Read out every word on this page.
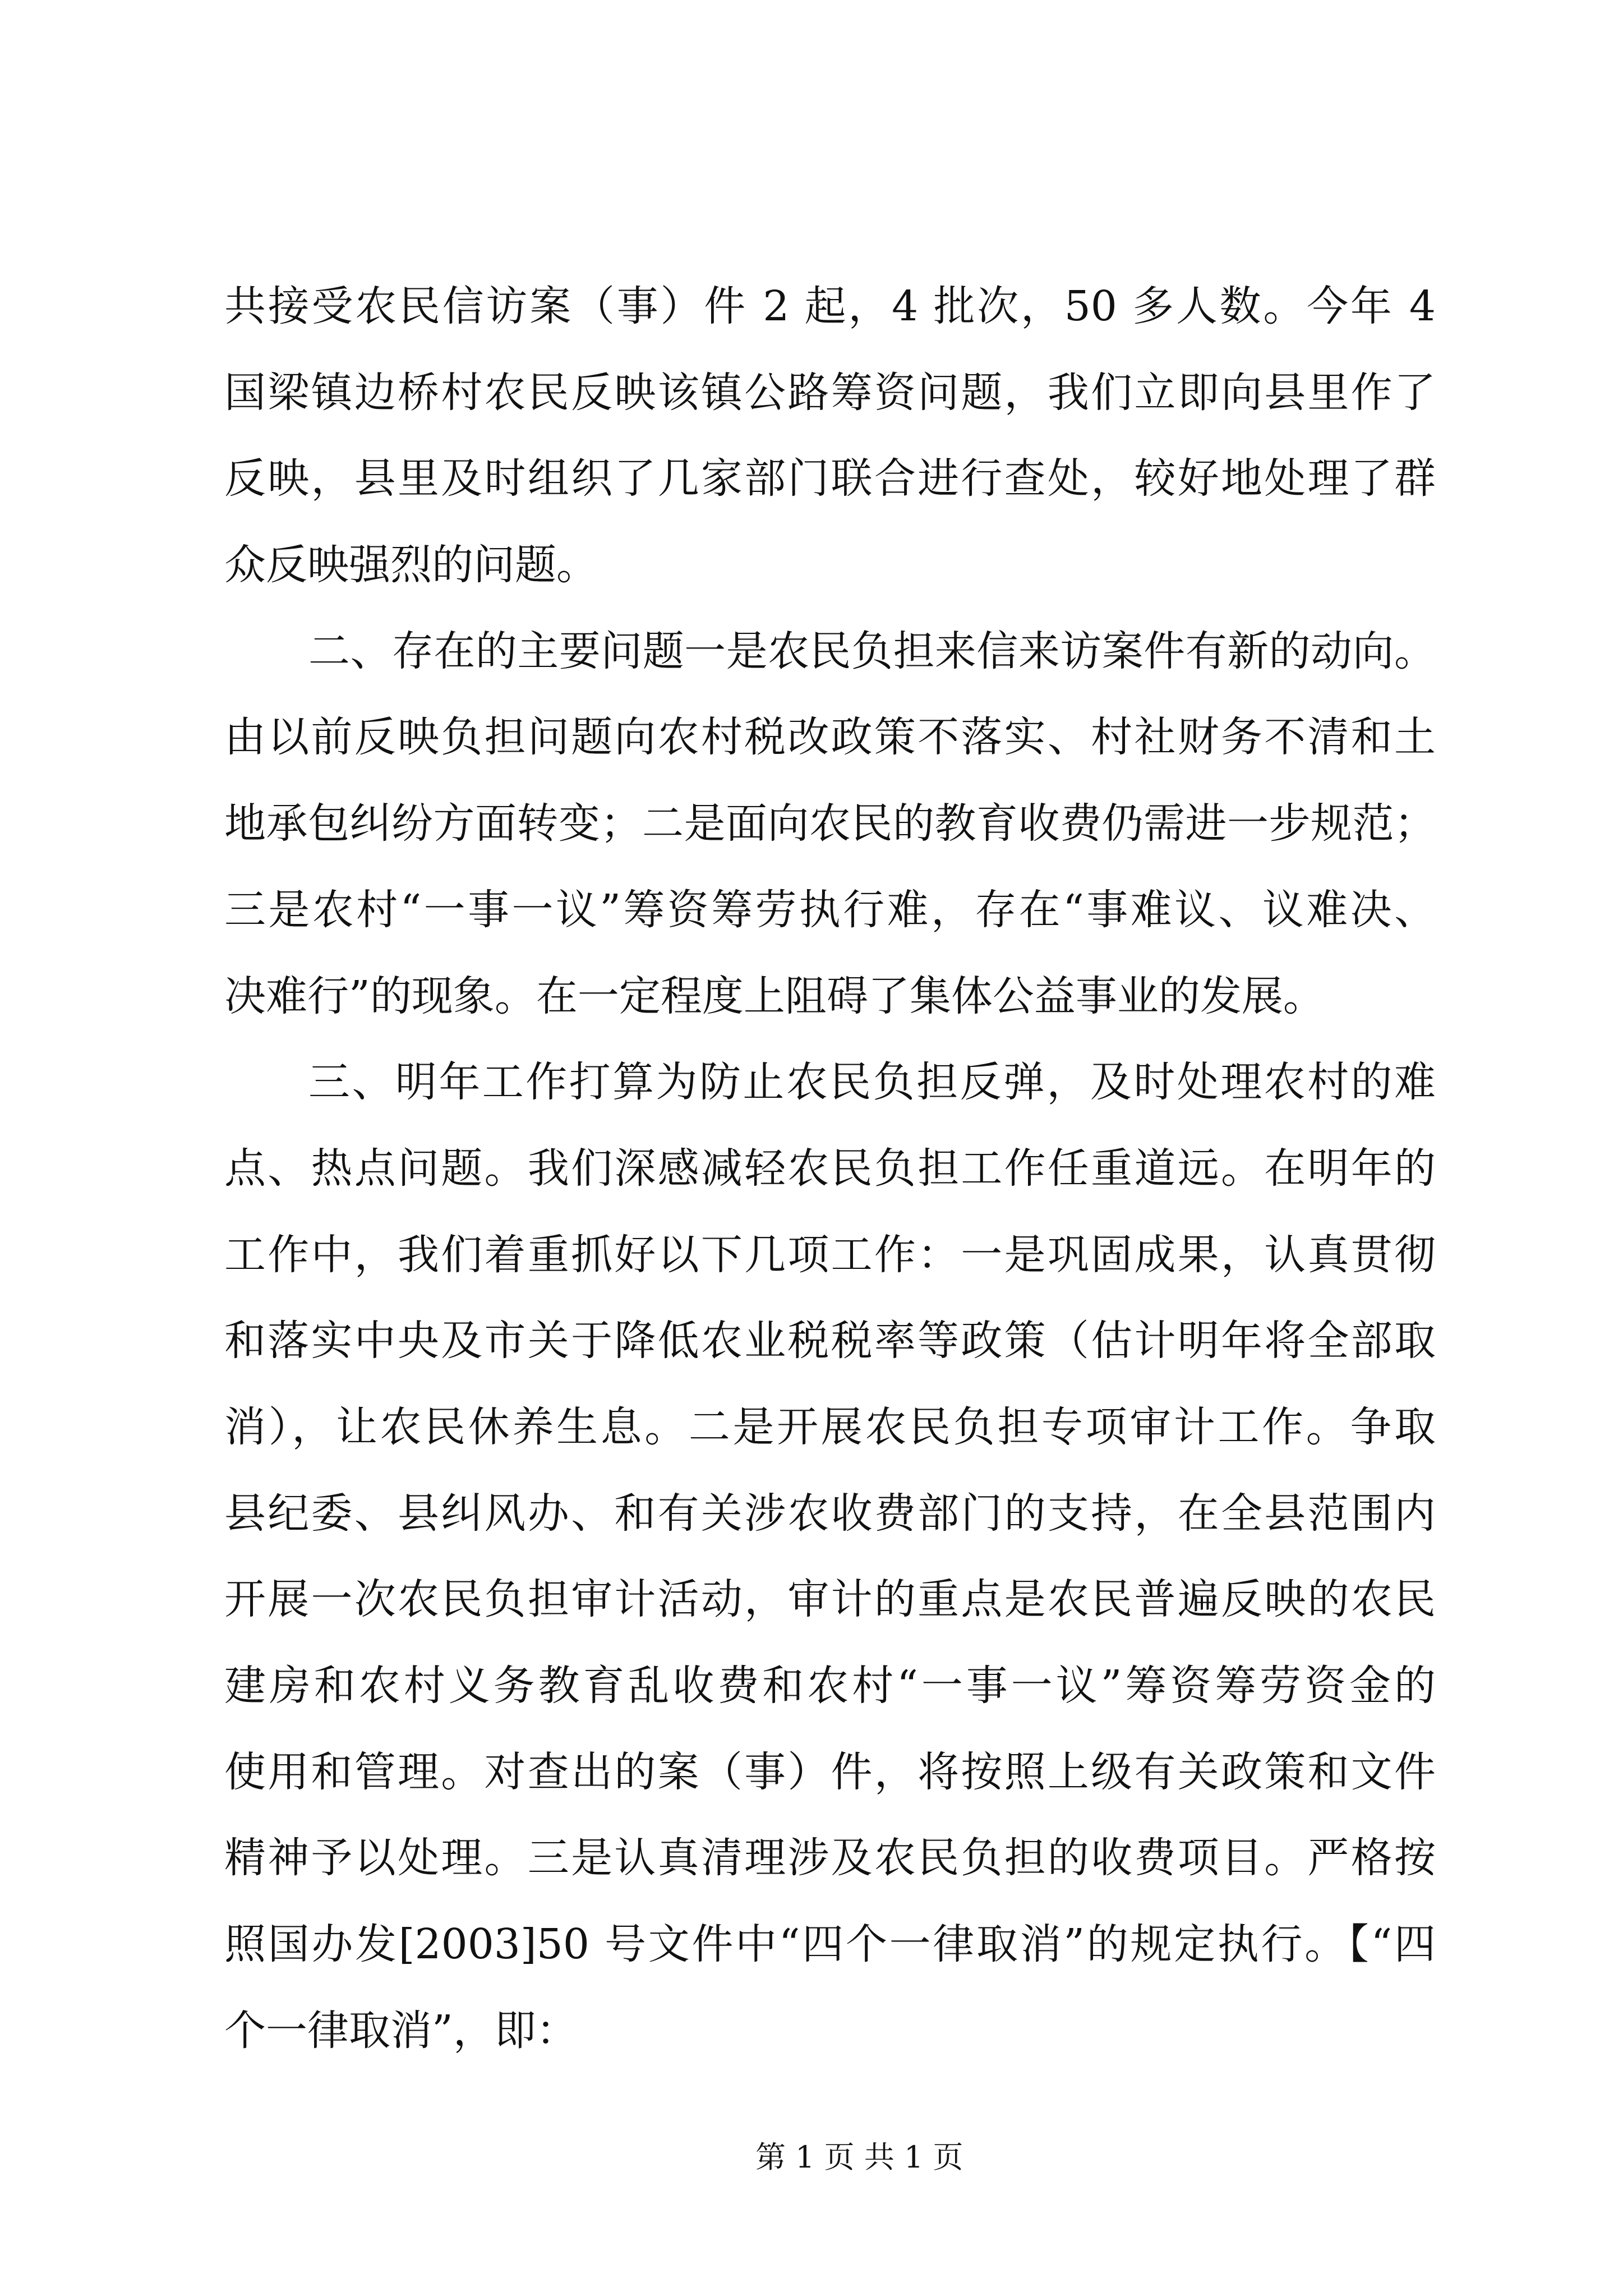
共接受农民信访案（事）件 2 起，4 批次，50 多人数。今年 4
国梁镇边桥村农民反映该镇公路筹资问题，我们立即向县里作了
反映，县里及时组织了几家部门联合进行查处，较好地处理了群
众反映强烈的问题。
二、存在的主要问题一是农民负担来信来访案件有新的动向。
由以前反映负担问题向农村税改政策不落实、村社财务不清和土
地承包纠纷方面转变；二是面向农民的教育收费仍需进一步规范；
三是农村“一事一议”筹资筹劳执行难，存在“事难议、议难决、
决难行”的现象。在一定程度上阻碍了集体公益事业的发展。
三、明年工作打算为防止农民负担反弹，及时处理农村的难
点、热点问题。我们深感减轻农民负担工作任重道远。在明年的
工作中，我们着重抓好以下几项工作：一是巩固成果，认真贯彻
和落实中央及市关于降低农业税税率等政策（估计明年将全部取
消），让农民休养生息。二是开展农民负担专项审计工作。争取
县纪委、县纠风办、和有关涉农收费部门的支持，在全县范围内
开展一次农民负担审计活动，审计的重点是农民普遍反映的农民
建房和农村义务教育乱收费和农村“一事一议”筹资筹劳资金的
使用和管理。对查出的案（事）件，将按照上级有关政策和文件
精神予以处理。三是认真清理涉及农民负担的收费项目。严格按
照国办发[2003]50 号文件中“四个一律取消”的规定执行。【“四
个一律取消”，即：
第 1 页 共 1 页
